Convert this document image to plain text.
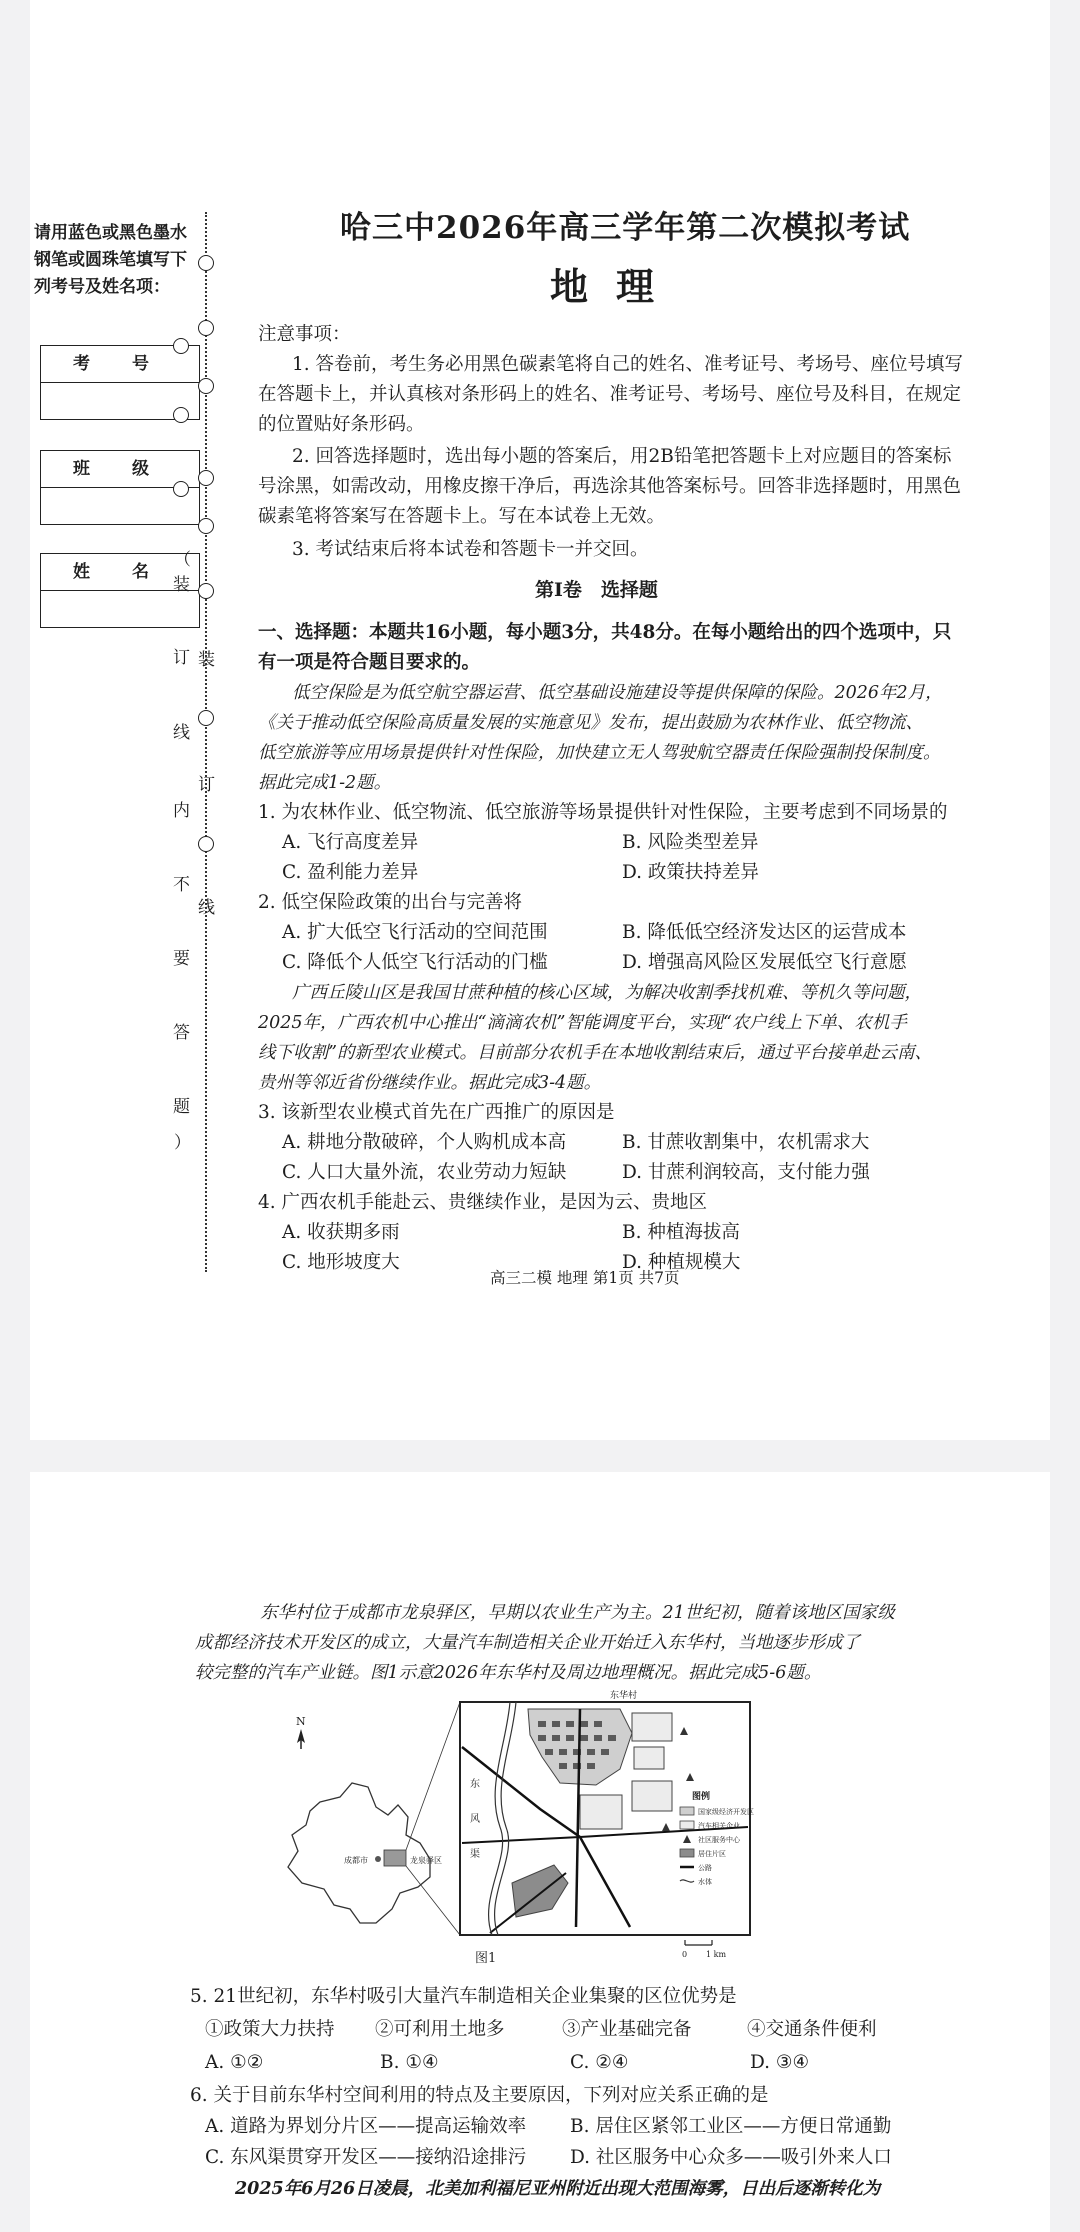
请用蓝色或黑色墨水钢笔或圆珠笔填写下列考号及姓名项：
考 号
班 级
姓 名
（
装
订
线
内
不
要
答
题
）
装
订
线
哈三中2026年高三学年第二次模拟考试
地理
注意事项：
1. 答卷前，考生务必用黑色碳素笔将自己的姓名、准考证号、考场号、座位号填写
在答题卡上，并认真核对条形码上的姓名、准考证号、考场号、座位号及科目，在规定
的位置贴好条形码。
2. 回答选择题时，选出每小题的答案后，用2B铅笔把答题卡上对应题目的答案标
号涂黑，如需改动，用橡皮擦干净后，再选涂其他答案标号。回答非选择题时，用黑色
碳素笔将答案写在答题卡上。写在本试卷上无效。
3. 考试结束后将本试卷和答题卡一并交回。
第Ⅰ卷　选择题
一、选择题：本题共16小题，每小题3分，共48分。在每小题给出的四个选项中，只
有一项是符合题目要求的。
低空保险是为低空航空器运营、低空基础设施建设等提供保障的保险。2026年2月，
《关于推动低空保险高质量发展的实施意见》发布，提出鼓励为农林作业、低空物流、
低空旅游等应用场景提供针对性保险，加快建立无人驾驶航空器责任保险强制投保制度。
据此完成1-2题。
1. 为农林作业、低空物流、低空旅游等场景提供针对性保险，主要考虑到不同场景的
A. 飞行高度差异	B. 风险类型差异
C. 盈利能力差异	D. 政策扶持差异
2. 低空保险政策的出台与完善将
A. 扩大低空飞行活动的空间范围	B. 降低低空经济发达区的运营成本
C. 降低个人低空飞行活动的门槛	D. 增强高风险区发展低空飞行意愿
广西丘陵山区是我国甘蔗种植的核心区域，为解决收割季找机难、等机久等问题，
2025年，广西农机中心推出“滴滴农机”智能调度平台，实现“农户线上下单、农机手
线下收割”的新型农业模式。目前部分农机手在本地收割结束后，通过平台接单赴云南、
贵州等邻近省份继续作业。据此完成3-4题。
3. 该新型农业模式首先在广西推广的原因是
A. 耕地分散破碎，个人购机成本高	B. 甘蔗收割集中，农机需求大
C. 人口大量外流，农业劳动力短缺	D. 甘蔗利润较高，支付能力强
4. 广西农机手能赴云、贵继续作业，是因为云、贵地区
A. 收获期多雨	B. 种植海拔高
C. 地形坡度大	D. 种植规模大
高三二模 地理 第1页 共7页
东华村位于成都市龙泉驿区，早期以农业生产为主。21世纪初，随着该地区国家级
成都经济技术开发区的成立，大量汽车制造相关企业开始迁入东华村，当地逐步形成了
较完整的汽车产业链。图1示意2026年东华村及周边地理概况。据此完成5-6题。
N
成都市	龙泉驿区
东华村
东
风
渠
图例
国家级经济开发区
汽车相关企业
社区服务中心
居住片区
公路
水体
0 1 km
图1
5. 21世纪初，东华村吸引大量汽车制造相关企业集聚的区位优势是
①政策大力扶持 ②可利用土地多	③产业基础完备	④交通条件便利
A. ①②	B. ①④	C. ②④	D. ③④
6. 关于目前东华村空间利用的特点及主要原因，下列对应关系正确的是
A. 道路为界划分片区——提高运输效率 B. 居住区紧邻工业区——方便日常通勤
C. 东风渠贯穿开发区——接纳沿途排污 D. 社区服务中心众多——吸引外来人口
2025年6月26日凌晨，北美加利福尼亚州附近出现大范围海雾，日出后逐渐转化为
